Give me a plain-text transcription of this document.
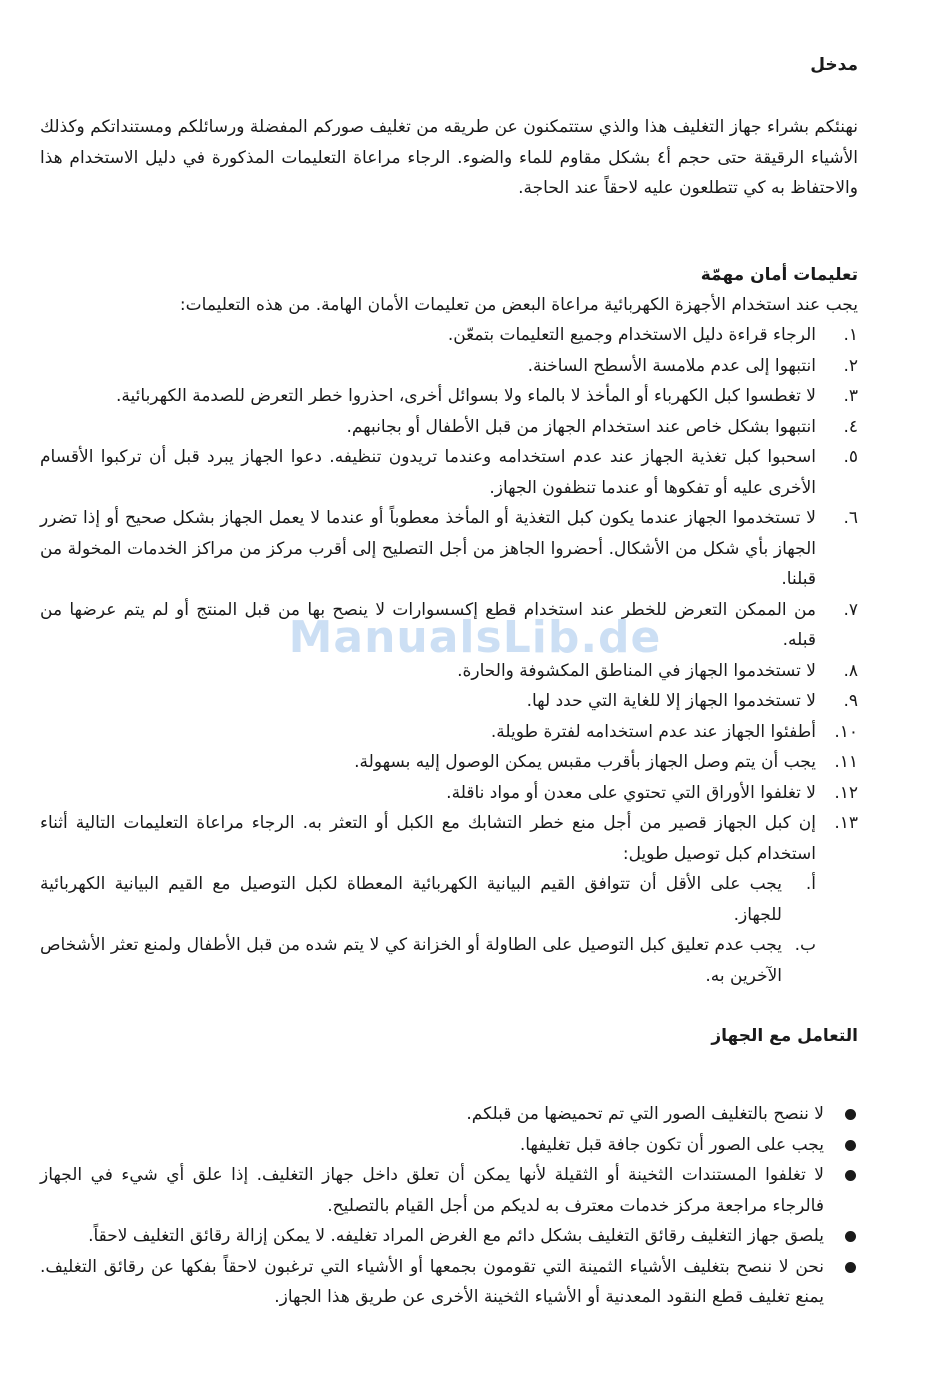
مدخل

نهنئكم بشراء جهاز التغليف هذا والذي ستتمكنون عن طريقه من تغليف صوركم المفضلة ورسائلكم ومستنداتكم وكذلك الأشياء الرقيقة حتى حجم أ٤ بشكل مقاوم للماء والضوء. الرجاء مراعاة التعليمات المذكورة في دليل الاستخدام هذا والاحتفاظ به كي تتطلعون عليه لاحقاً عند الحاجة.

تعليمات أمان مهمّة

يجب عند استخدام الأجهزة الكهربائية مراعاة البعض من تعليمات الأمان الهامة. من هذه التعليمات:

١.
الرجاء قراءة دليل الاستخدام وجميع التعليمات بتمعّن.
٢.
انتبهوا إلى عدم ملامسة الأسطح الساخنة.
٣.
لا تغطسوا كبل الكهرباء أو المأخذ لا بالماء ولا بسوائل أخرى، احذروا خطر التعرض للصدمة الكهربائية.
٤.
انتبهوا بشكل خاص عند استخدام الجهاز من قبل الأطفال أو بجانبهم.
٥.
اسحبوا كبل تغذية الجهاز عند عدم استخدامه وعندما تريدون تنظيفه. دعوا الجهاز يبرد قبل أن تركبوا الأقسام الأخرى عليه أو تفكوها أو عندما تنظفون الجهاز.
٦.
لا تستخدموا الجهاز عندما يكون كبل التغذية أو المأخذ معطوباً أو عندما لا يعمل الجهاز بشكل صحيح أو إذا تضرر الجهاز بأي شكل من الأشكال. أحضروا الجاهز من أجل التصليح إلى أقرب مركز من مراكز الخدمات المخولة من قبلنا.
٧.
من الممكن التعرض للخطر عند استخدام قطع إكسسوارات لا ينصح بها من قبل المنتج أو لم يتم عرضها من قبله.
٨.
لا تستخدموا الجهاز في المناطق المكشوفة والحارة.
٩.
لا تستخدموا الجهاز إلا للغاية التي حدد لها.
١٠.
أطفئوا الجهاز عند عدم استخدامه لفترة طويلة.
١١.
يجب أن يتم وصل الجهاز بأقرب مقبس يمكن الوصول إليه بسهولة.
١٢.
لا تغلفوا الأوراق التي تحتوي على معدن أو مواد ناقلة.
١٣.
إن كبل الجهاز قصير من أجل منع خطر التشابك مع الكبل أو التعثر به. الرجاء مراعاة التعليمات التالية أثناء استخدام كبل توصيل طويل:
أ.
يجب على الأقل أن تتوافق القيم البيانية الكهربائية المعطاة لكبل التوصيل مع القيم البيانية الكهربائية للجهاز.
ب.
يجب عدم تعليق كبل التوصيل على الطاولة أو الخزانة كي لا يتم شده من قبل الأطفال ولمنع تعثر الأشخاص الآخرين به.
التعامل مع الجهاز
لا ننصح بالتغليف الصور التي تم تحميضها من قبلكم.
يجب على الصور أن تكون جافة قبل تغليفها.
لا تغلفوا المستندات الثخينة أو الثقيلة لأنها يمكن أن تعلق داخل جهاز التغليف. إذا علق أي شيء في الجهاز فالرجاء مراجعة مركز خدمات معترف به لديكم من أجل القيام بالتصليح.
يلصق جهاز التغليف رقائق التغليف بشكل دائم مع الغرض المراد تغليفه. لا يمكن إزالة رقائق التغليف لاحقاً.
نحن لا ننصح بتغليف الأشياء الثمينة التي تقومون بجمعها أو الأشياء التي ترغبون لاحقاً بفكها عن رقائق التغليف. يمنع تغليف قطع النقود المعدنية أو الأشياء الثخينة الأخرى عن طريق هذا الجهاز.
ManualsLib.de
